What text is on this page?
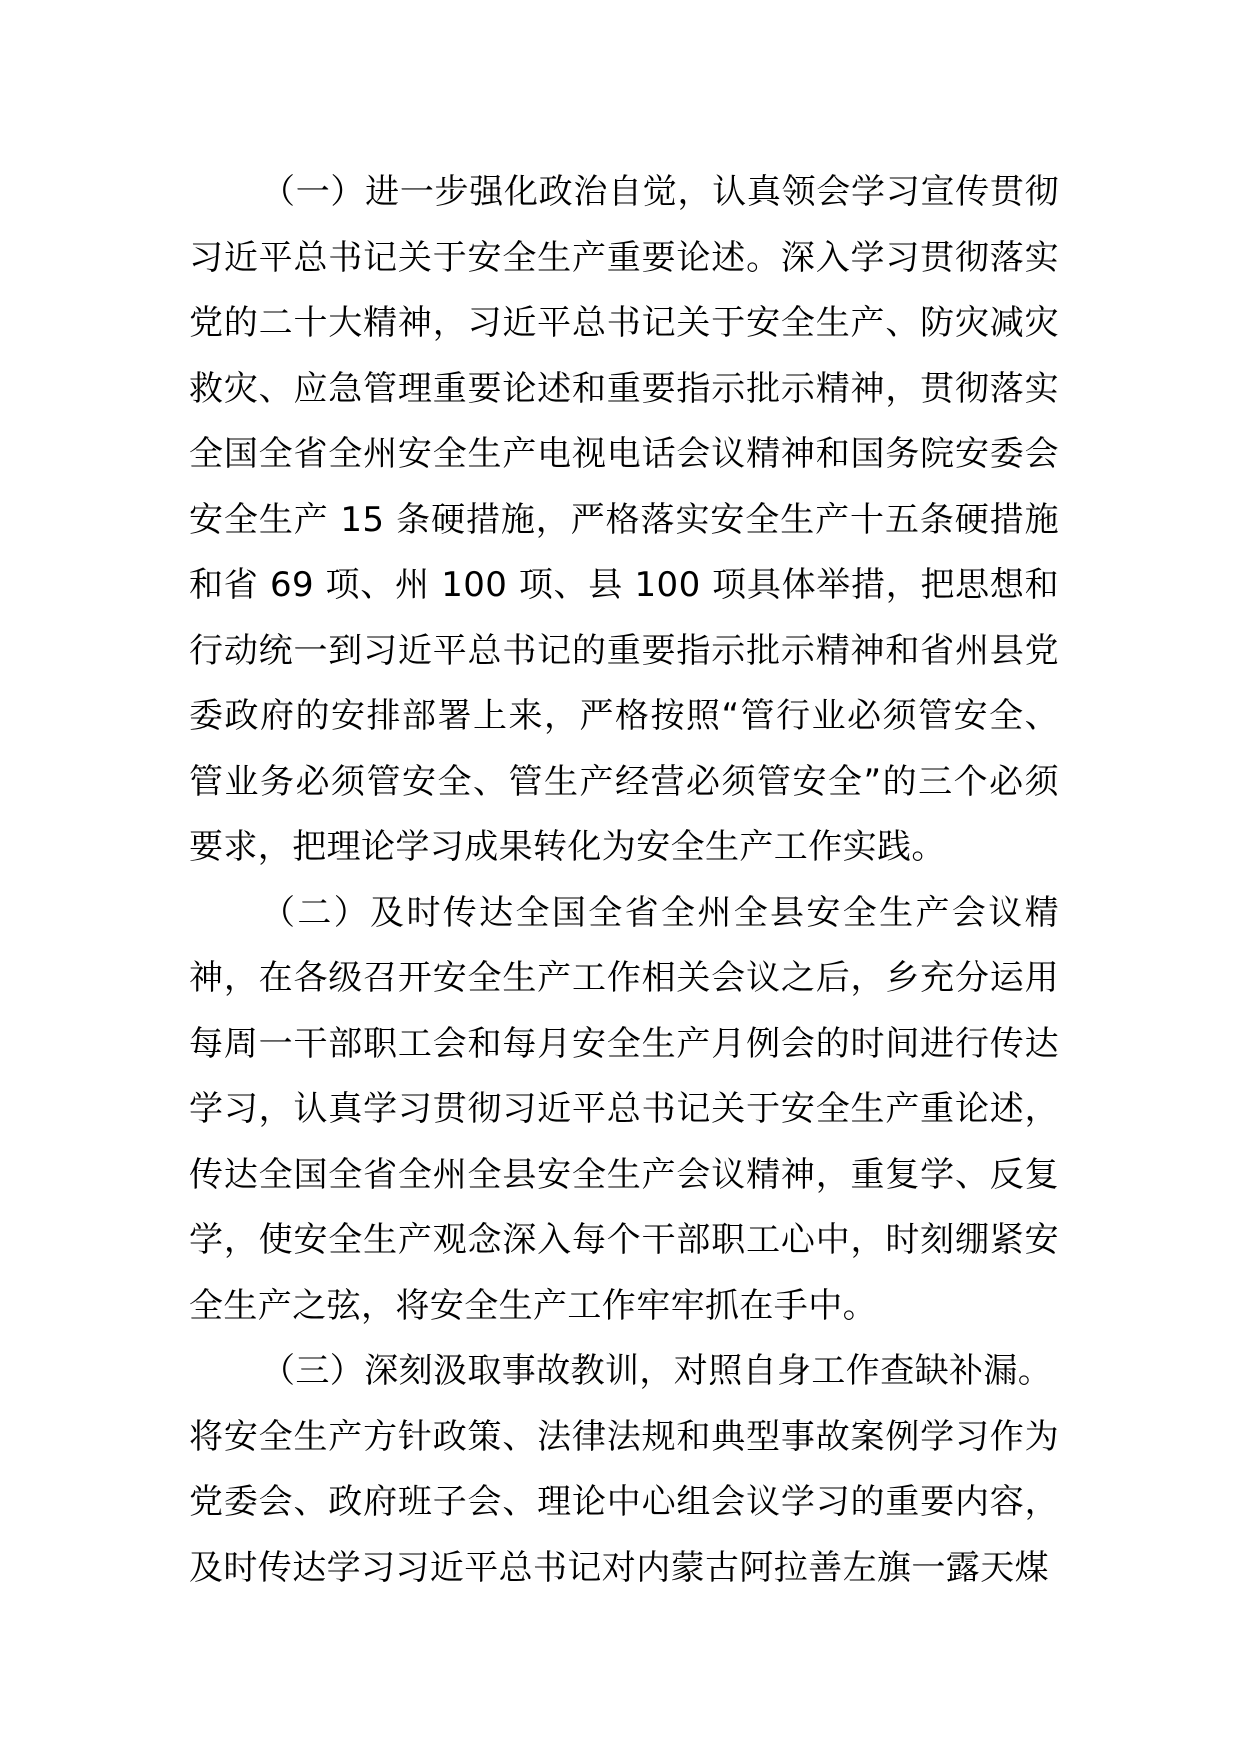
（一）进一步强化政治自觉，认真领会学习宣传贯彻习近平总书记关于安全生产重要论述。深入学习贯彻落实党的二十大精神，习近平总书记关于安全生产、防灾减灾救灾、应急管理重要论述和重要指示批示精神，贯彻落实全国全省全州安全生产电视电话会议精神和国务院安委会安全生产 15 条硬措施，严格落实安全生产十五条硬措施和省 69 项、州 100 项、县 100 项具体举措，把思想和行动统一到习近平总书记的重要指示批示精神和省州县党委政府的安排部署上来，严格按照“管行业必须管安全、管业务必须管安全、管生产经营必须管安全”的三个必须要求，把理论学习成果转化为安全生产工作实践。

（二）及时传达全国全省全州全县安全生产会议精神，在各级召开安全生产工作相关会议之后，乡充分运用每周一干部职工会和每月安全生产月例会的时间进行传达学习，认真学习贯彻习近平总书记关于安全生产重论述，传达全国全省全州全县安全生产会议精神，重复学、反复学，使安全生产观念深入每个干部职工心中，时刻绷紧安全生产之弦，将安全生产工作牢牢抓在手中。

（三）深刻汲取事故教训，对照自身工作查缺补漏。

将安全生产方针政策、法律法规和典型事故案例学习作为党委会、政府班子会、理论中心组会议学习的重要内容，及时传达学习习近平总书记对内蒙古阿拉善左旗一露天煤
